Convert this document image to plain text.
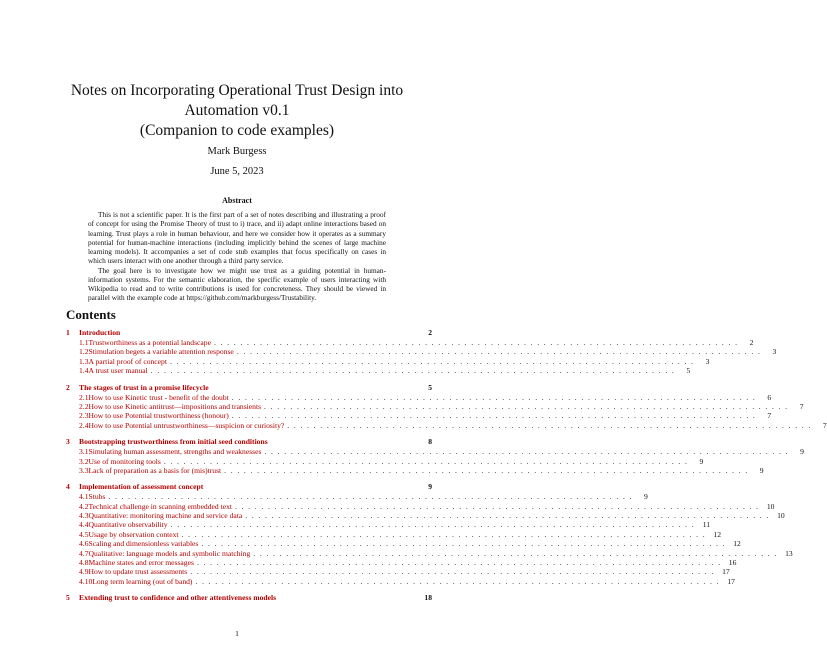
Notes on Incorporating Operational Trust Design into
Automation v0.1
(Companion to code examples)
Mark Burgess
June 5, 2023
Abstract

This is not a scientific paper. It is the first part of a set of notes describing and illustrating a proof of concept for using the Promise Theory of trust to i) trace, and ii) adapt online interactions based on learning. Trust plays a role in human behaviour, and here we consider how it operates as a summary potential for human-machine interactions (including implicitly behind the scenes of large machine learning models). It accompanies a set of code stub examples that focus specifically on cases in which users interact with one another through a third party service.

The goal here is to investigate how we might use trust as a guiding potential in human-information systems. For the semantic elaboration, the specific example of users interacting with Wikipedia to read and to write contributions is used for concreteness. They should be viewed in parallel with the example code at https://github.com/markburgess/Trustability.

Contents
1	Introduction	2
1.1 Trustworthiness as a potential landscape . . . . . . . . . . . . . . . . . . . . . . . . . . . . . . . . . . . . . . . . . . . . . . . . . . . . . . . . . . . . . . . . . . . . . . . . . . . . . . . .	2
1.2 Stimulation begets a variable attention response . . . . . . . . . . . . . . . . . . . . . . . . . . . . . . . . . . . . . . . . . . . . . . . . . . . . . . . . . . . . . . . . . . . . . . . . . . . . . . . .	3
1.3 A partial proof of concept . . . . . . . . . . . . . . . . . . . . . . . . . . . . . . . . . . . . . . . . . . . . . . . . . . . . . . . . . . . . . . . . . . . . . . . . . . . . . . . .	3
1.4 A trust user manual . . . . . . . . . . . . . . . . . . . . . . . . . . . . . . . . . . . . . . . . . . . . . . . . . . . . . . . . . . . . . . . . . . . . . . . . . . . . . . . .	5
2	The stages of trust in a promise lifecycle	5
2.1 How to use Kinetic trust - benefit of the doubt . . . . . . . . . . . . . . . . . . . . . . . . . . . . . . . . . . . . . . . . . . . . . . . . . . . . . . . . . . . . . . . . . . . . . . . . . . . . . . . .	6
2.2 How to use Kinetic antitrust—impositions and transients . . . . . . . . . . . . . . . . . . . . . . . . . . . . . . . . . . . . . . . . . . . . . . . . . . . . . . . . . . . . . . . . . . . . . . . . . . . . . . . .	7
2.3 How to use Potential trustworthiness (honour) . . . . . . . . . . . . . . . . . . . . . . . . . . . . . . . . . . . . . . . . . . . . . . . . . . . . . . . . . . . . . . . . . . . . . . . . . . . . . . . .	7
2.4 How to use Potential untrustworthiness—suspicion or curiosity? . . . . . . . . . . . . . . . . . . . . . . . . . . . . . . . . . . . . . . . . . . . . . . . . . . . . . . . . . . . . . . . . . . . . . . . . . . . . . . . .	7
3	Bootstrapping trustworthiness from initial seed conditions	8
3.1 Simulating human assessment, strengths and weaknesses . . . . . . . . . . . . . . . . . . . . . . . . . . . . . . . . . . . . . . . . . . . . . . . . . . . . . . . . . . . . . . . . . . . . . . . . . . . . . . . .	9
3.2 Use of monitoring tools . . . . . . . . . . . . . . . . . . . . . . . . . . . . . . . . . . . . . . . . . . . . . . . . . . . . . . . . . . . . . . . . . . . . . . . . . . . . . . . .	9
3.3 Lack of preparation as a basis for (mis)trust . . . . . . . . . . . . . . . . . . . . . . . . . . . . . . . . . . . . . . . . . . . . . . . . . . . . . . . . . . . . . . . . . . . . . . . . . . . . . . . .	9
4	Implementation of assessment concept	9
4.1 Stubs . . . . . . . . . . . . . . . . . . . . . . . . . . . . . . . . . . . . . . . . . . . . . . . . . . . . . . . . . . . . . . . . . . . . . . . . . . . . . . . .	9
4.2 Technical challenge in scanning embedded text . . . . . . . . . . . . . . . . . . . . . . . . . . . . . . . . . . . . . . . . . . . . . . . . . . . . . . . . . . . . . . . . . . . . . . . . . . . . . . . . 10
4.3 Quantitative: monitoring machine and service data . . . . . . . . . . . . . . . . . . . . . . . . . . . . . . . . . . . . . . . . . . . . . . . . . . . . . . . . . . . . . . . . . . . . . . . . . . . . . . . . 10
4.4 Quantitative observability . . . . . . . . . . . . . . . . . . . . . . . . . . . . . . . . . . . . . . . . . . . . . . . . . . . . . . . . . . . . . . . . . . . . . . . . . . . . . . . .	11
4.5 Usage by observation context . . . . . . . . . . . . . . . . . . . . . . . . . . . . . . . . . . . . . . . . . . . . . . . . . . . . . . . . . . . . . . . . . . . . . . . . . . . . . . . . 12
4.6 Scaling and dimensionless variables . . . . . . . . . . . . . . . . . . . . . . . . . . . . . . . . . . . . . . . . . . . . . . . . . . . . . . . . . . . . . . . . . . . . . . . . . . . . . . . . 12
4.7 Qualitative: language models and symbolic matching . . . . . . . . . . . . . . . . . . . . . . . . . . . . . . . . . . . . . . . . . . . . . . . . . . . . . . . . . . . . . . . . . . . . . . . . . . . . . . . . 13
4.8 Machine states and error messages . . . . . . . . . . . . . . . . . . . . . . . . . . . . . . . . . . . . . . . . . . . . . . . . . . . . . . . . . . . . . . . . . . . . . . . . . . . . . . . . 16
4.9 How to update trust assessments . . . . . . . . . . . . . . . . . . . . . . . . . . . . . . . . . . . . . . . . . . . . . . . . . . . . . . . . . . . . . . . . . . . . . . . . . . . . . . . . 17
4.10 Long term learning (out of band) . . . . . . . . . . . . . . . . . . . . . . . . . . . . . . . . . . . . . . . . . . . . . . . . . . . . . . . . . . . . . . . . . . . . . . . . . . . . . . . . 17
5	Extending trust to confidence and other attentiveness models	18
1
